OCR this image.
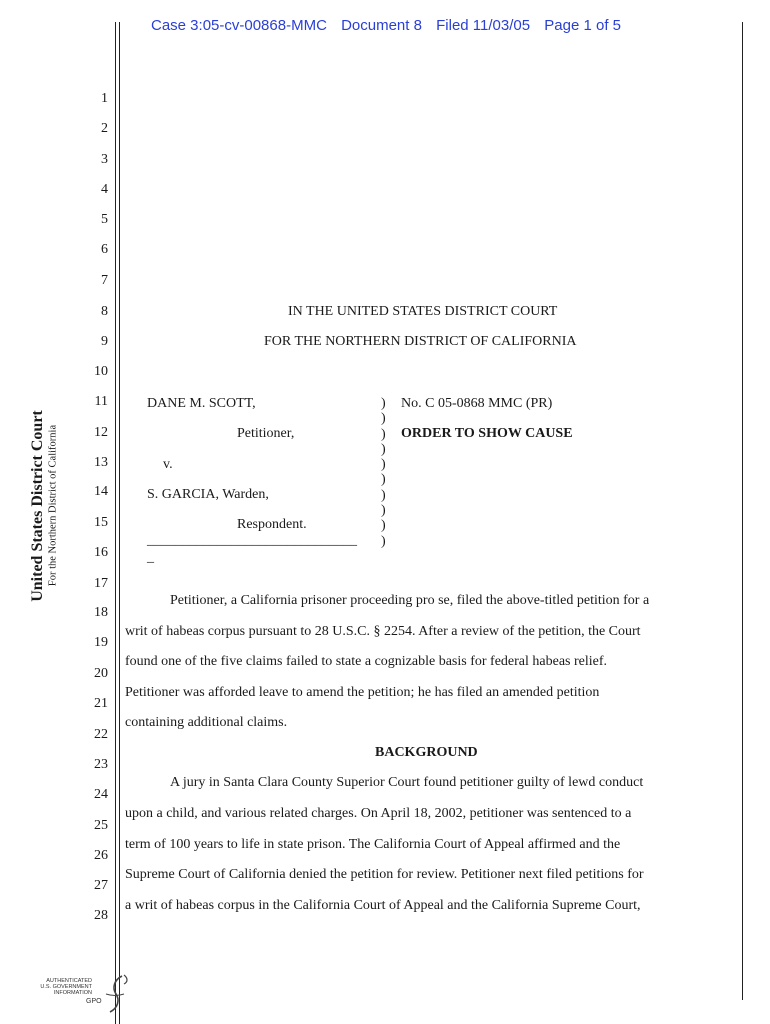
Case 3:05-cv-00868-MMC Document 8 Filed 11/03/05 Page 1 of 5
United States District Court For the Northern District of California
1
2
3
4
5
6
7
8
9
10
11
12
13
14
15
16
17
18
19
20
21
22
23
24
25
26
27
28
IN THE UNITED STATES DISTRICT COURT
FOR THE NORTHERN DISTRICT OF CALIFORNIA
DANE M. SCOTT,
Petitioner,
v.
S. GARCIA, Warden,
Respondent.
______________________________
_
)
)
)
)
)
)
)
)
)
)
No. C 05-0868 MMC (PR)
ORDER TO SHOW CAUSE
Petitioner, a California prisoner proceeding pro se, filed the above-titled petition for a
writ of habeas corpus pursuant to 28 U.S.C. § 2254. After a review of the petition, the Court
found one of the five claims failed to state a cognizable basis for federal habeas relief.
Petitioner was afforded leave to amend the petition; he has filed an amended petition
containing additional claims.
BACKGROUND
A jury in Santa Clara County Superior Court found petitioner guilty of lewd conduct
upon a child, and various related charges. On April 18, 2002, petitioner was sentenced to a
term of 100 years to life in state prison. The California Court of Appeal affirmed and the
Supreme Court of California denied the petition for review. Petitioner next filed petitions for
a writ of habeas corpus in the California Court of Appeal and the California Supreme Court,
AUTHENTICATED
U.S. GOVERNMENT
INFORMATION
GPO
